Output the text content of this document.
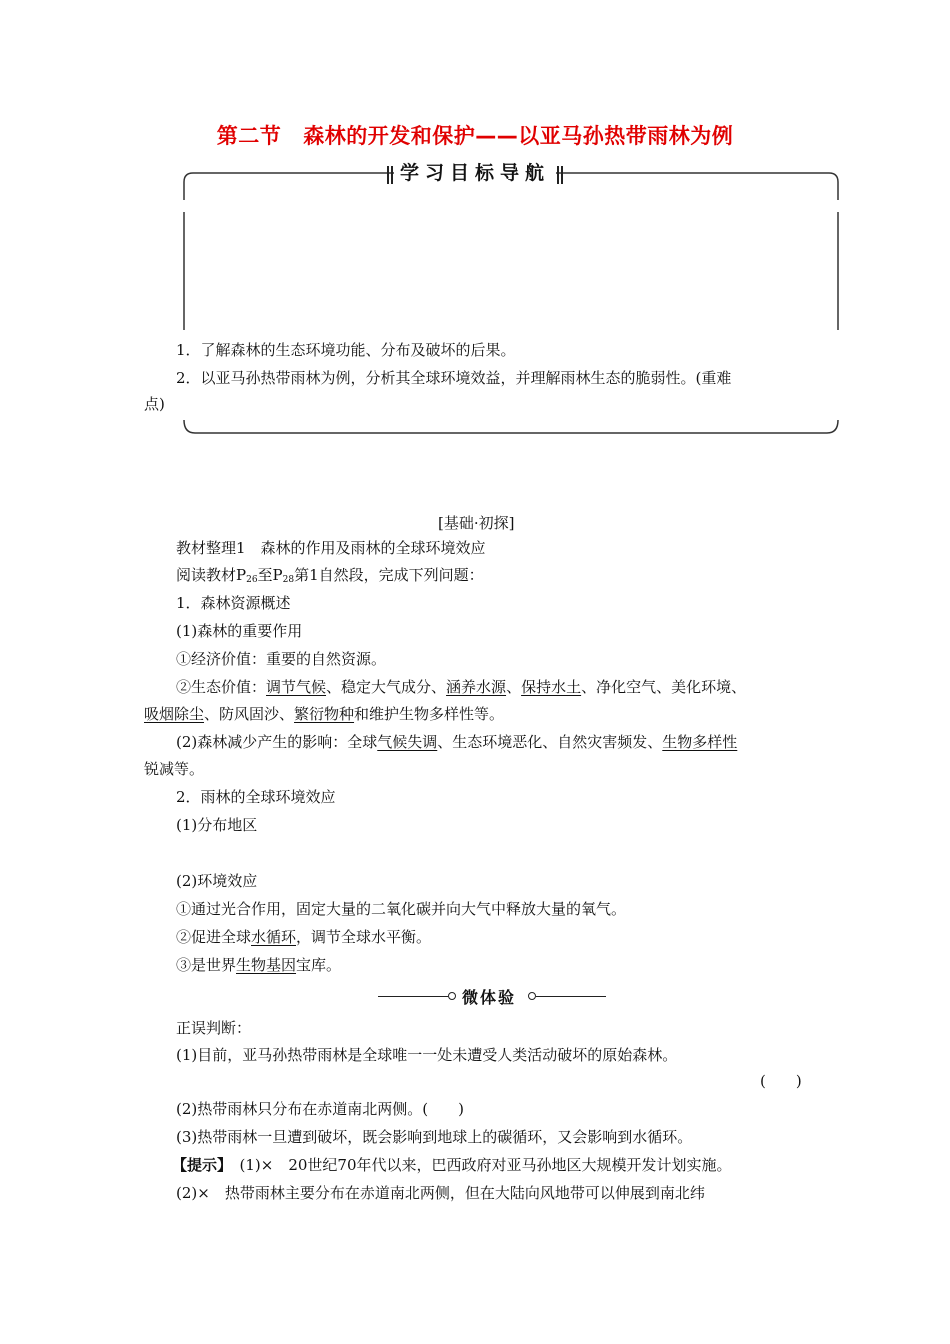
第二节 森林的开发和保护——以亚马孙热带雨林为例
学习目标导航
1．了解森林的生态环境功能、分布及破坏的后果。
2．以亚马孙热带雨林为例，分析其全球环境效益，并理解雨林生态的脆弱性。(重难
点)
[基础·初探]
教材整理1　森林的作用及雨林的全球环境效应
阅读教材$P_{26}$至$P_{28}$第1自然段，完成下列问题：
1．森林资源概述
(1)森林的重要作用
①经济价值：重要的自然资源。
②生态价值：调节气候、稳定大气成分、涵养水源、保持水土、净化空气、美化环境、
吸烟除尘、防风固沙、繁衍物种和维护生物多样性等。
(2)森林减少产生的影响：全球气候失调、生态环境恶化、自然灾害频发、生物多样性
锐减等。
2．雨林的全球环境效应
(1)分布地区
(2)环境效应
①通过光合作用，固定大量的二氧化碳并向大气中释放大量的氧气。
②促进全球水循环，调节全球水平衡。
③是世界生物基因宝库。
微体验
正误判断：
(1)目前，亚马孙热带雨林是全球唯一一处未遭受人类活动破坏的原始森林。
(　　)
(2)热带雨林只分布在赤道南北两侧。(　　)
(3)热带雨林一旦遭到破坏，既会影响到地球上的碳循环，又会影响到水循环。
【提示】　(1)×　20世纪70年代以来，巴西政府对亚马孙地区大规模开发计划实施。
(2)×　热带雨林主要分布在赤道南北两侧，但在大陆向风地带可以伸展到南北纬
